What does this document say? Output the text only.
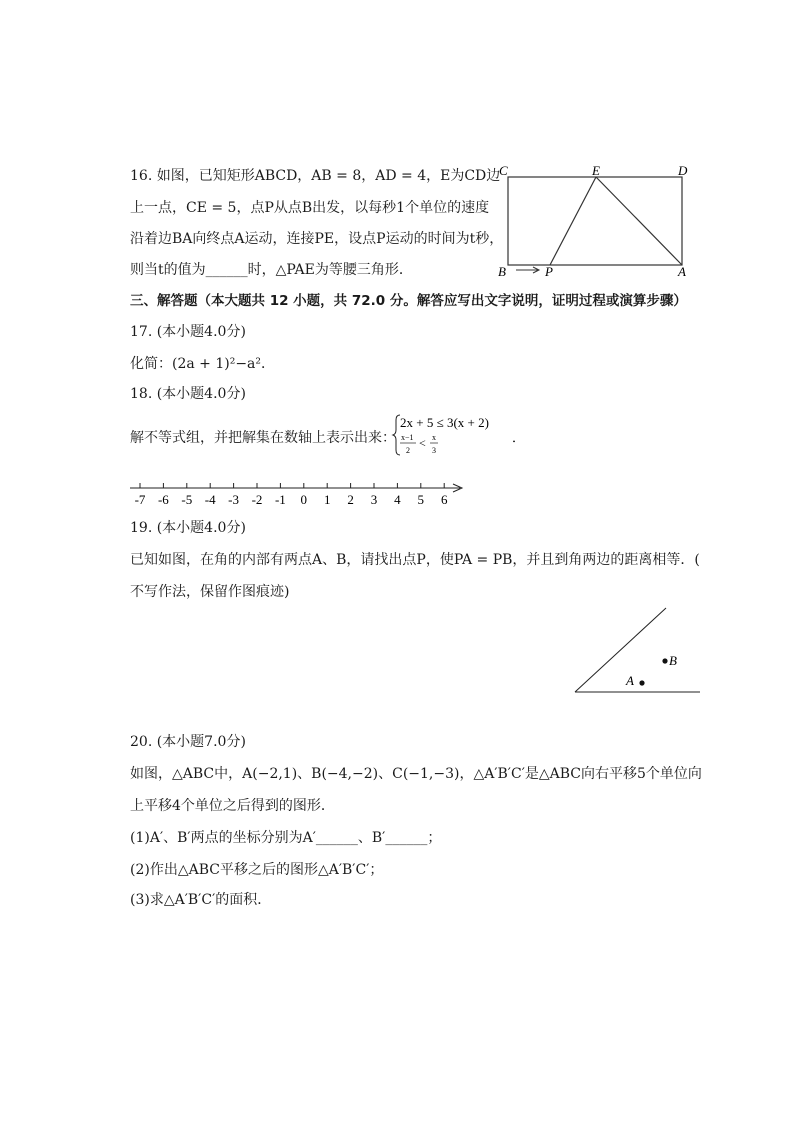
16. 如图，已知矩形ABCD，AB = 8，AD = 4，E为CD边
上一点，CE = 5，点P从点B出发，以每秒1个单位的速度
沿着边BA向终点A运动，连接PE，设点P运动的时间为t秒，
则当t的值为______时，△PAE为等腰三角形．
C	E	D
B	P	A
三、解答题（本大题共 12 小题，共 72.0 分。解答应写出文字说明，证明过程或演算步骤）
17. (本小题4.0分)
化简：(2a + 1)²−a²．
18. (本小题4.0分)
解不等式组，并把解集在数轴上表示出来：
2x + 5 ≤ 3(x + 2)
x−1
2
< x
3
．
-7 -6 -5 -4 -3 -2 -1 0 1 2 3 4 5 6
19. (本小题4.0分)
已知如图，在角的内部有两点A、B，请找出点P，使PA = PB，并且到角两边的距离相等．(
不写作法，保留作图痕迹)
A
B
20. (本小题7.0分)
如图，△ABC中，A(−2,1)、B(−4,−2)、C(−1,−3)，△A′B′C′是△ABC向右平移5个单位向
上平移4个单位之后得到的图形．
(1)A′、B′两点的坐标分别为A′______、B′______；
(2)作出△ABC平移之后的图形△A′B′C′；
(3)求△A′B′C′的面积．
